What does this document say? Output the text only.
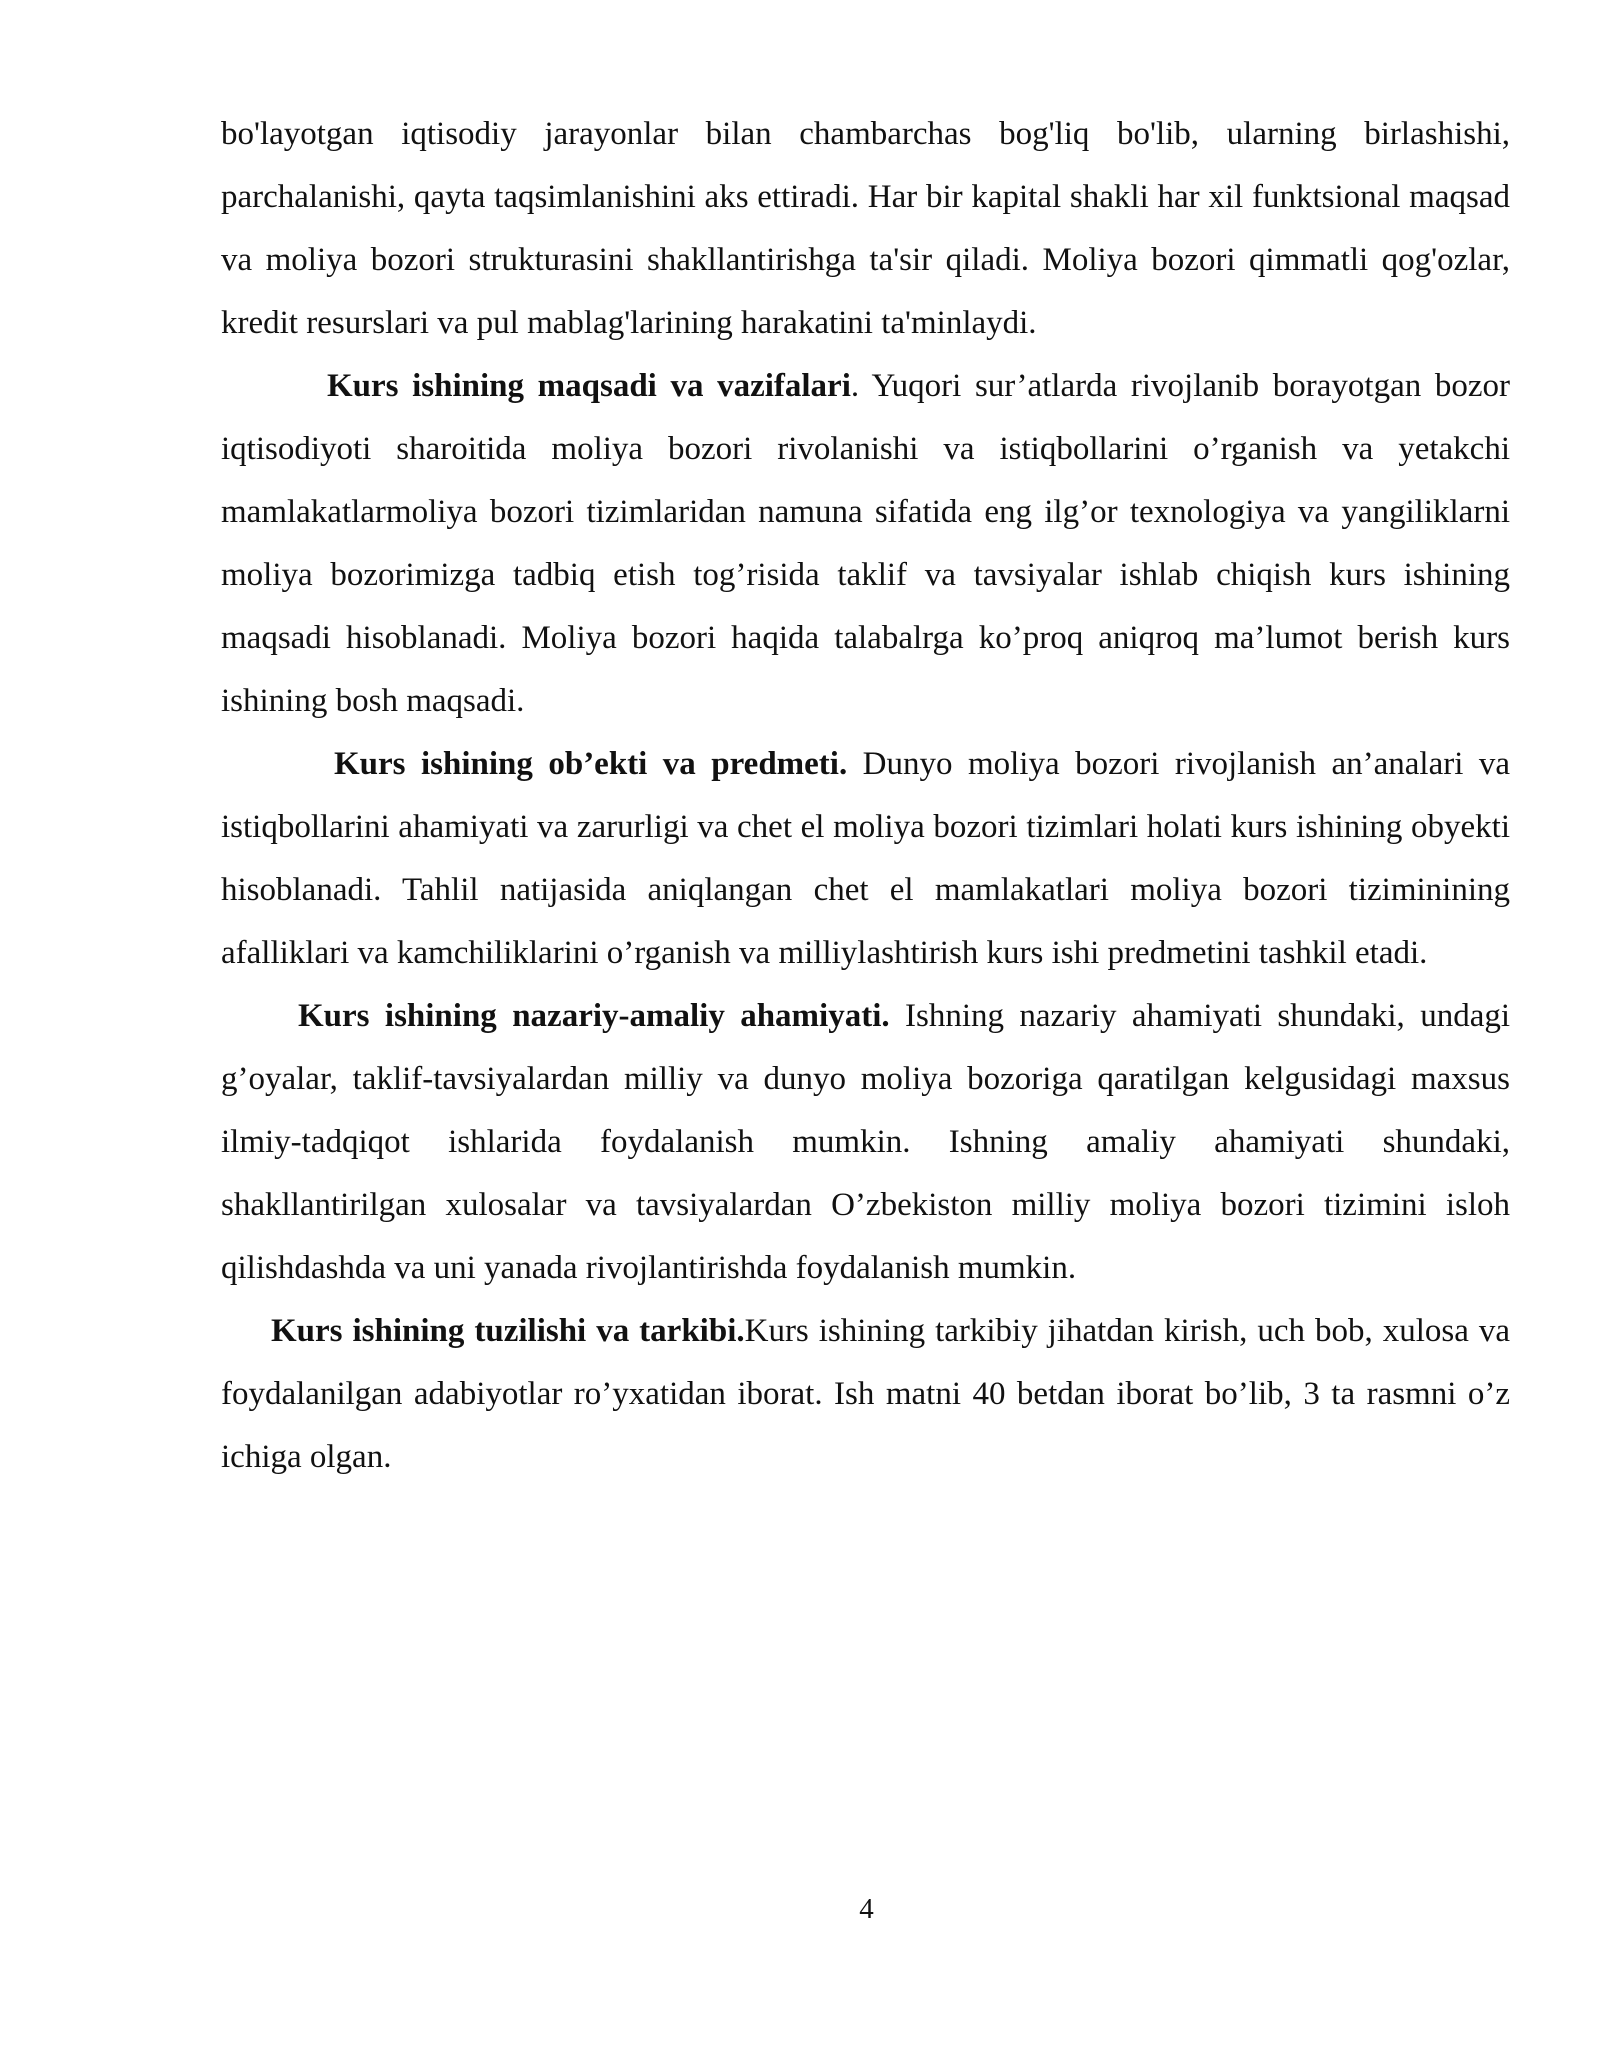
bo'layotgan iqtisodiy jarayonlar bilan chambarchas bog'liq bo'lib, ularning birlashishi, parchalanishi, qayta taqsimlanishini aks ettiradi. Har bir kapital shakli har xil funktsional maqsad va moliya bozori strukturasini shakllantirishga ta'sir qiladi. Moliya bozori qimmatli qog'ozlar, kredit resurslari va pul mablag'larining harakatini ta'minlaydi.

Kurs ishining maqsadi va vazifalari. Yuqori sur’atlarda rivojlanib borayotgan bozor iqtisodiyoti sharoitida moliya bozori rivolanishi va istiqbollarini o’rganish va yetakchi mamlakatlarmoliya bozori tizimlaridan namuna sifatida eng ilg’or texnologiya va yangiliklarni moliya bozorimizga tadbiq etish tog’risida taklif va tavsiyalar ishlab chiqish kurs ishining maqsadi hisoblanadi. Moliya bozori haqida talabalrga ko’proq aniqroq ma’lumot berish kurs ishining bosh maqsadi.

Kurs ishining ob’ekti va predmeti. Dunyo moliya bozori rivojlanish an’analari va istiqbollarini ahamiyati va zarurligi va chet el moliya bozori tizimlari holati kurs ishining obyekti hisoblanadi. Tahlil natijasida aniqlangan chet el mamlakatlari moliya bozori tiziminining afalliklari va kamchiliklarini o’rganish va milliylashtirish kurs ishi predmetini tashkil etadi.

Kurs ishining nazariy-amaliy ahamiyati. Ishning nazariy ahamiyati shundaki, undagi g’oyalar, taklif-tavsiyalardan milliy va dunyo moliya bozoriga qaratilgan kelgusidagi maxsus ilmiy-tadqiqot ishlarida foydalanish mumkin. Ishning amaliy ahamiyati shundaki, shakllantirilgan xulosalar va tavsiyalardan O’zbekiston milliy moliya bozori tizimini isloh qilishdashda va uni yanada rivojlantirishda foydalanish mumkin.

Kurs ishining tuzilishi va tarkibi.Kurs ishining tarkibiy jihatdan kirish, uch bob, xulosa va foydalanilgan adabiyotlar ro’yxatidan iborat. Ish matni 40 betdan iborat bo’lib, 3 ta rasmni o’z ichiga olgan.

4
